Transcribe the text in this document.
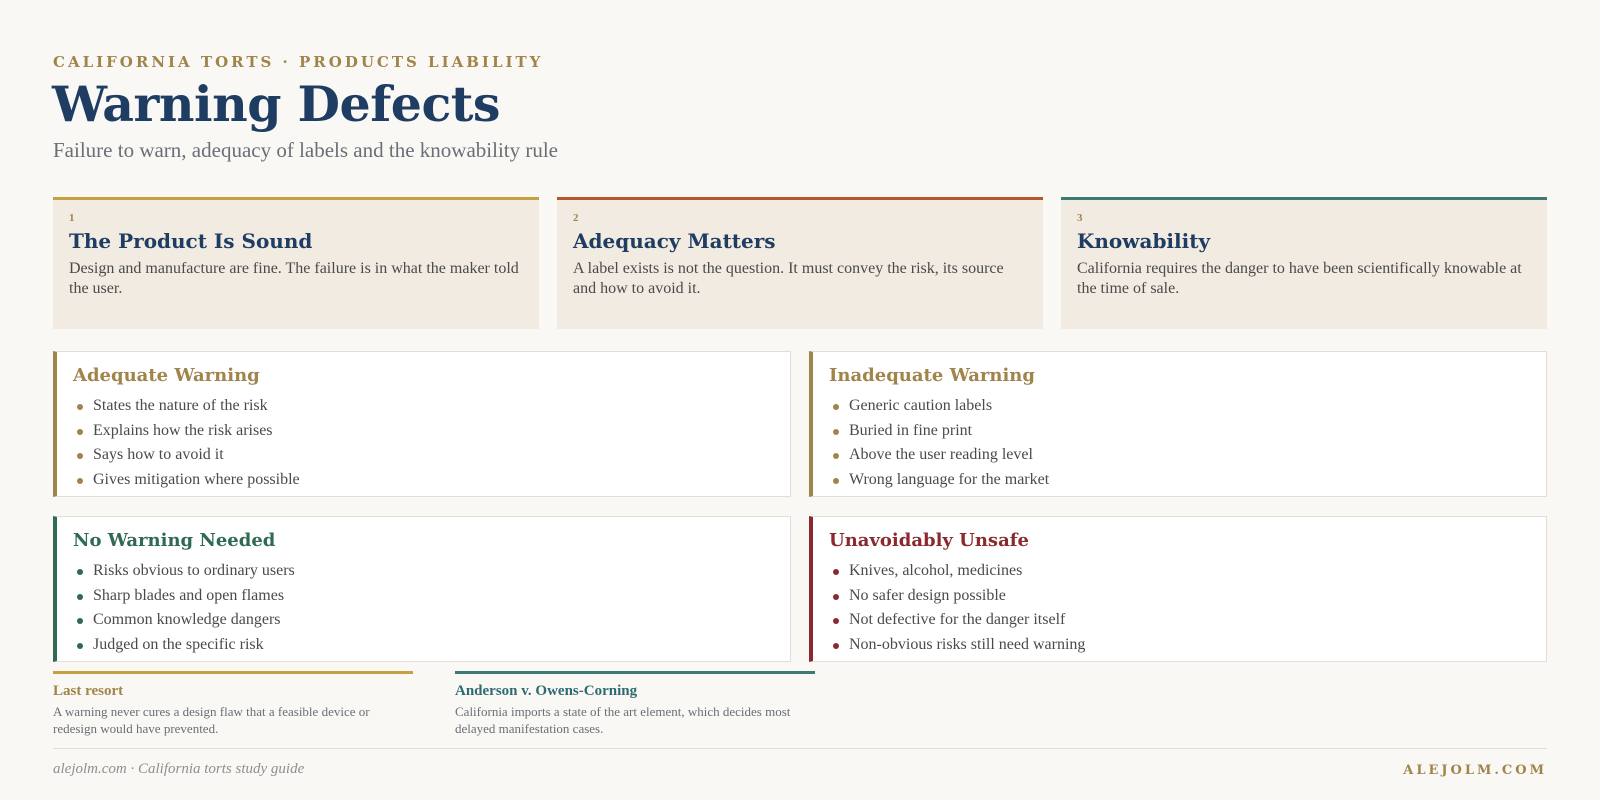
CALIFORNIA TORTS · PRODUCTS LIABILITY
Warning Defects
Failure to warn, adequacy of labels and the knowability rule
1
The Product Is Sound
Design and manufacture are fine. The failure is in what the maker told the user.
2
Adequacy Matters
A label exists is not the question. It must convey the risk, its source and how to avoid it.
3
Knowability
California requires the danger to have been scientifically knowable at the time of sale.
Adequate Warning
States the nature of the risk
Explains how the risk arises
Says how to avoid it
Gives mitigation where possible
Inadequate Warning
Generic caution labels
Buried in fine print
Above the user reading level
Wrong language for the market
No Warning Needed
Risks obvious to ordinary users
Sharp blades and open flames
Common knowledge dangers
Judged on the specific risk
Unavoidably Unsafe
Knives, alcohol, medicines
No safer design possible
Not defective for the danger itself
Non-obvious risks still need warning
Last resort
A warning never cures a design flaw that a feasible device or redesign would have prevented.
Anderson v. Owens-Corning
California imports a state of the art element, which decides most delayed manifestation cases.
alejolm.com · California torts study guide	ALEJOLM.COM
